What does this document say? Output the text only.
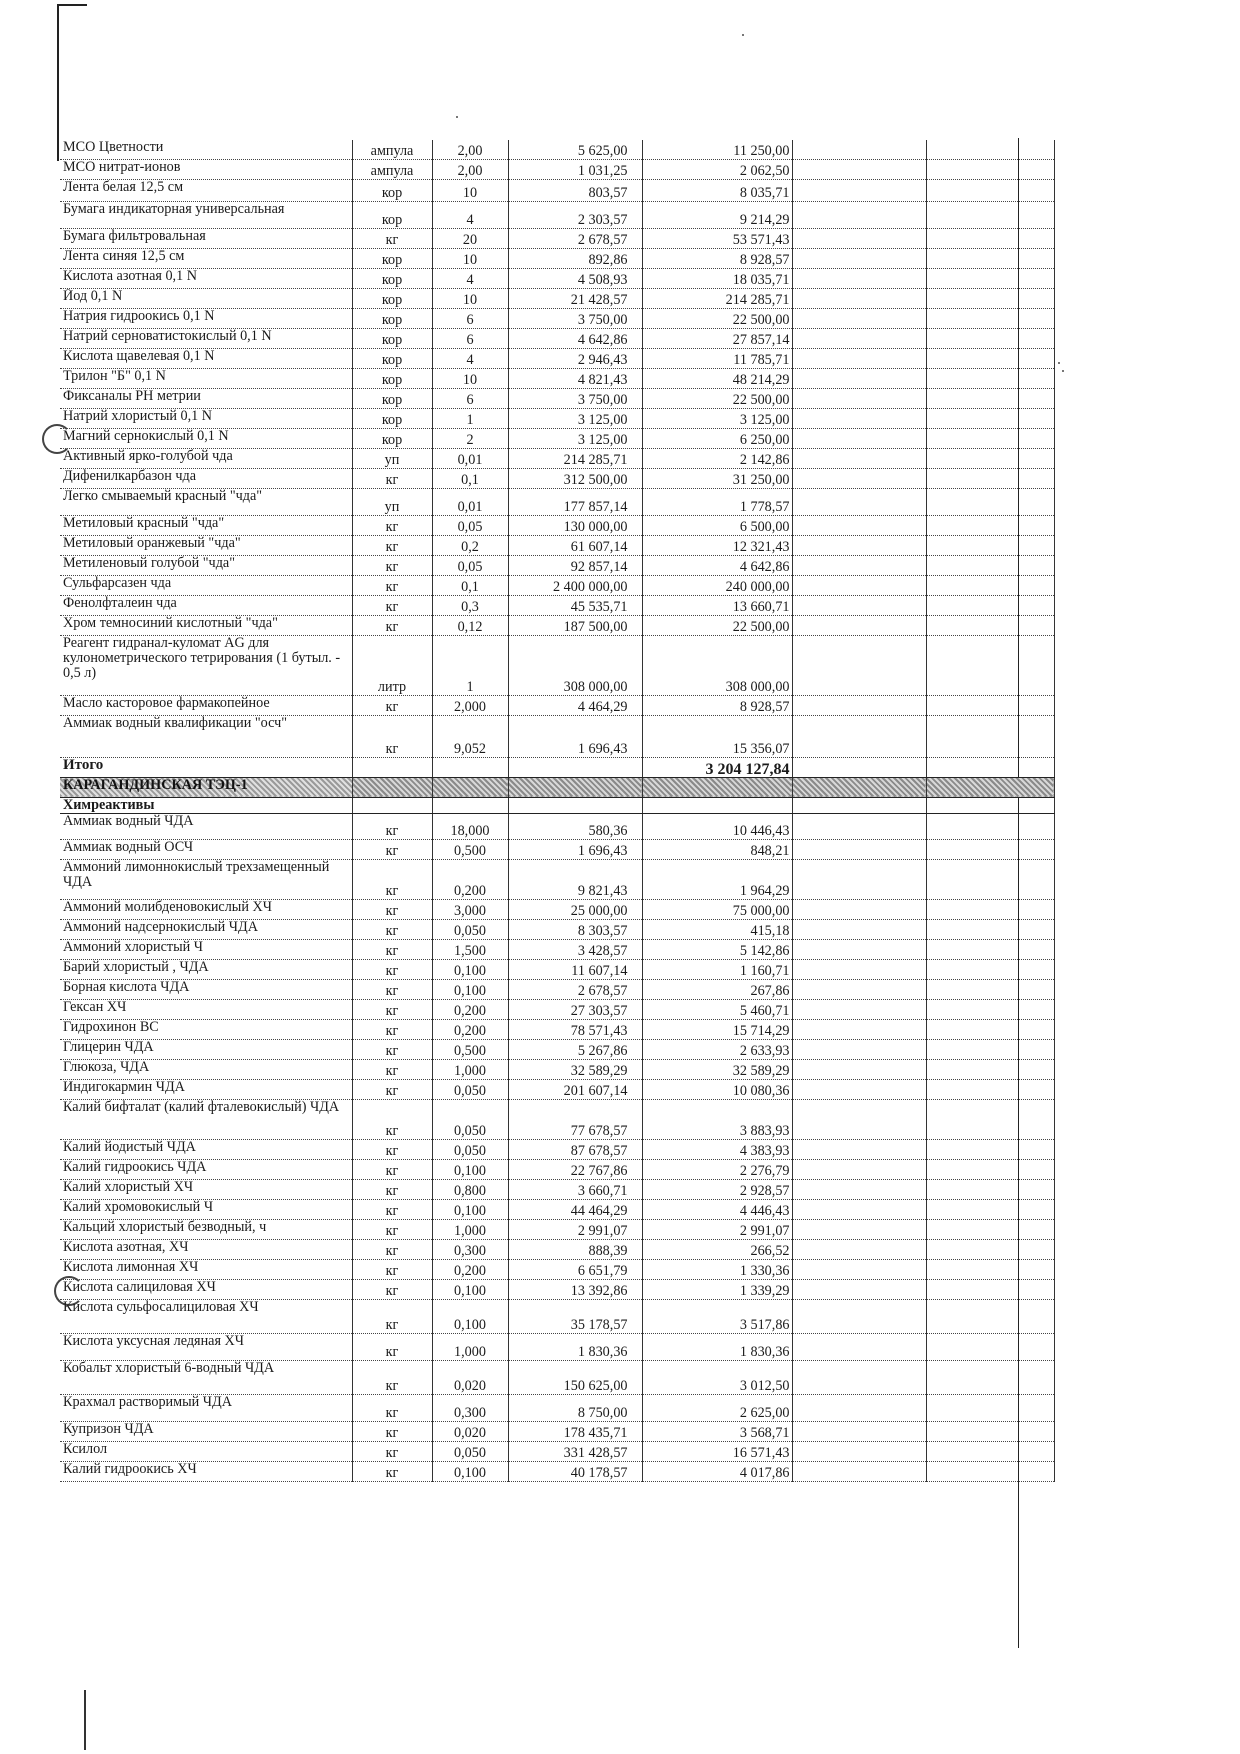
МСО Цветности	ампула	2,00	5 625,00	11 250,00		
МСО нитрат-ионов	ампула	2,00	1 031,25	2 062,50		
Лента белая 12,5 см	кор	10	803,57	8 035,71		
Бумага индикаторная универсальная	кор	4	2 303,57	9 214,29		
Бумага фильтровальная	кг	20	2 678,57	53 571,43		
Лента синяя 12,5 см	кор	10	892,86	8 928,57		
Кислота азотная 0,1 N	кор	4	4 508,93	18 035,71		
Йод 0,1 N	кор	10	21 428,57	214 285,71		
Натрия гидроокись 0,1 N	кор	6	3 750,00	22 500,00		
Натрий серноватистокислый 0,1 N	кор	6	4 642,86	27 857,14		
Кислота щавелевая 0,1 N	кор	4	2 946,43	11 785,71		
Трилон "Б" 0,1 N	кор	10	4 821,43	48 214,29		
Фиксаналы PH метрии	кор	6	3 750,00	22 500,00		
Натрий хлористый 0,1 N	кор	1	3 125,00	3 125,00		
Магний сернокислый 0,1 N	кор	2	3 125,00	6 250,00		
Активный ярко-голубой чда	уп	0,01	214 285,71	2 142,86		
Дифенилкарбазон чда	кг	0,1	312 500,00	31 250,00		
Легко смываемый красный "чда"	уп	0,01	177 857,14	1 778,57		
Метиловый красный "чда"	кг	0,05	130 000,00	6 500,00		
Метиловый оранжевый "чда"	кг	0,2	61 607,14	12 321,43		
Метиленовый голубой "чда"	кг	0,05	92 857,14	4 642,86		
Сульфарсазен чда	кг	0,1	2 400 000,00	240 000,00		
Фенолфталеин чда	кг	0,3	45 535,71	13 660,71		
Хром темносиний кислотный "чда"	кг	0,12	187 500,00	22 500,00		
Реагент гидранал-куломат AG для кулонометрического тетрирования (1 бутыл. - 0,5 л)	литр	1	308 000,00	308 000,00		
Масло касторовое фармакопейное	кг	2,000	4 464,29	8 928,57		
Аммиак водный квалификации "осч"	кг	9,052	1 696,43	15 356,07		
Итого				3 204 127,84		
КАРАГАНДИНСКАЯ ТЭЦ-1						
Химреактивы						
Аммиак водный ЧДА	кг	18,000	580,36	10 446,43		
Аммиак водный ОСЧ	кг	0,500	1 696,43	848,21		
Аммоний лимоннокислый трехзамещенный ЧДА	кг	0,200	9 821,43	1 964,29		
Аммоний молибденовокислый ХЧ	кг	3,000	25 000,00	75 000,00		
Аммоний надсернокислый ЧДА	кг	0,050	8 303,57	415,18		
Аммоний хлористый Ч	кг	1,500	3 428,57	5 142,86		
Барий хлористый , ЧДА	кг	0,100	11 607,14	1 160,71		
Борная кислота ЧДА	кг	0,100	2 678,57	267,86		
Гексан ХЧ	кг	0,200	27 303,57	5 460,71		
Гидрохинон ВС	кг	0,200	78 571,43	15 714,29		
Глицерин ЧДА	кг	0,500	5 267,86	2 633,93		
Глюкоза, ЧДА	кг	1,000	32 589,29	32 589,29		
Индигокармин ЧДА	кг	0,050	201 607,14	10 080,36		
Калий бифталат (калий фталевокислый) ЧДА	кг	0,050	77 678,57	3 883,93		
Калий йодистый ЧДА	кг	0,050	87 678,57	4 383,93		
Калий гидроокись ЧДА	кг	0,100	22 767,86	2 276,79		
Калий хлористый ХЧ	кг	0,800	3 660,71	2 928,57		
Калий хромовокислый Ч	кг	0,100	44 464,29	4 446,43		
Кальций хлористый безводный, ч	кг	1,000	2 991,07	2 991,07		
Кислота азотная, ХЧ	кг	0,300	888,39	266,52		
Кислота лимонная ХЧ	кг	0,200	6 651,79	1 330,36		
Кислота салициловая ХЧ	кг	0,100	13 392,86	1 339,29		
Кислота сульфосалициловая ХЧ	кг	0,100	35 178,57	3 517,86		
Кислота уксусная ледяная ХЧ	кг	1,000	1 830,36	1 830,36		
Кобальт хлористый 6-водный ЧДА	кг	0,020	150 625,00	3 012,50		
Крахмал растворимый ЧДА	кг	0,300	8 750,00	2 625,00		
Купризон ЧДА	кг	0,020	178 435,71	3 568,71		
Ксилол	кг	0,050	331 428,57	16 571,43		
Калий гидроокись ХЧ	кг	0,100	40 178,57	4 017,86		
